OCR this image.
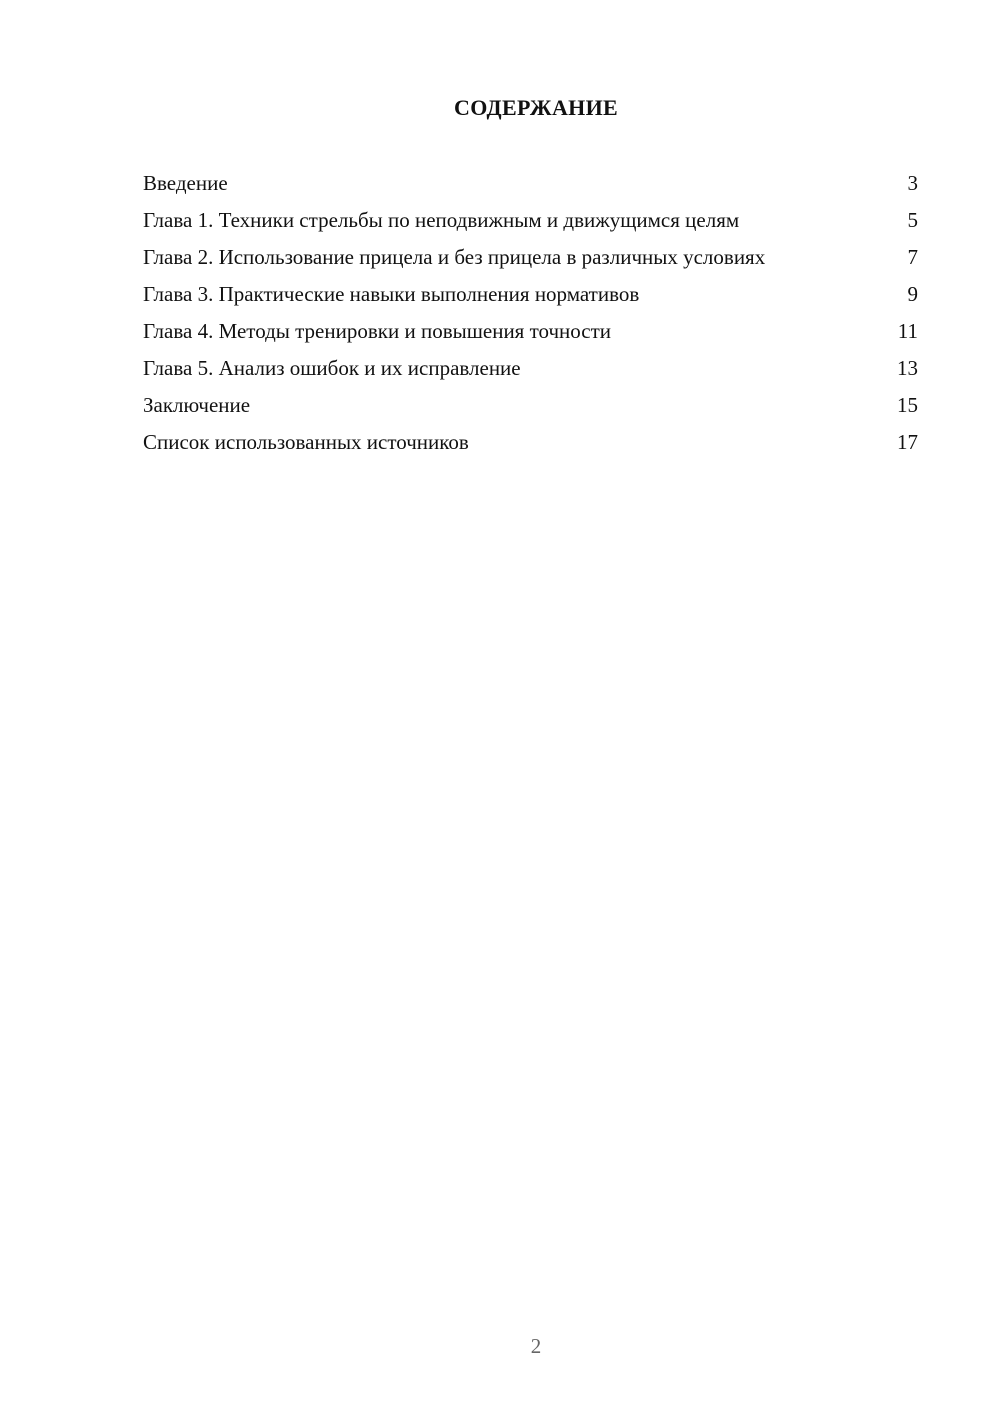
СОДЕРЖАНИЕ
Введение	3
Глава 1. Техники стрельбы по неподвижным и движущимся целям	5
Глава 2. Использование прицела и без прицела в различных условиях	7
Глава 3. Практические навыки выполнения нормативов	9
Глава 4. Методы тренировки и повышения точности	11
Глава 5. Анализ ошибок и их исправление	13
Заключение	15
Список использованных источников	17
2
